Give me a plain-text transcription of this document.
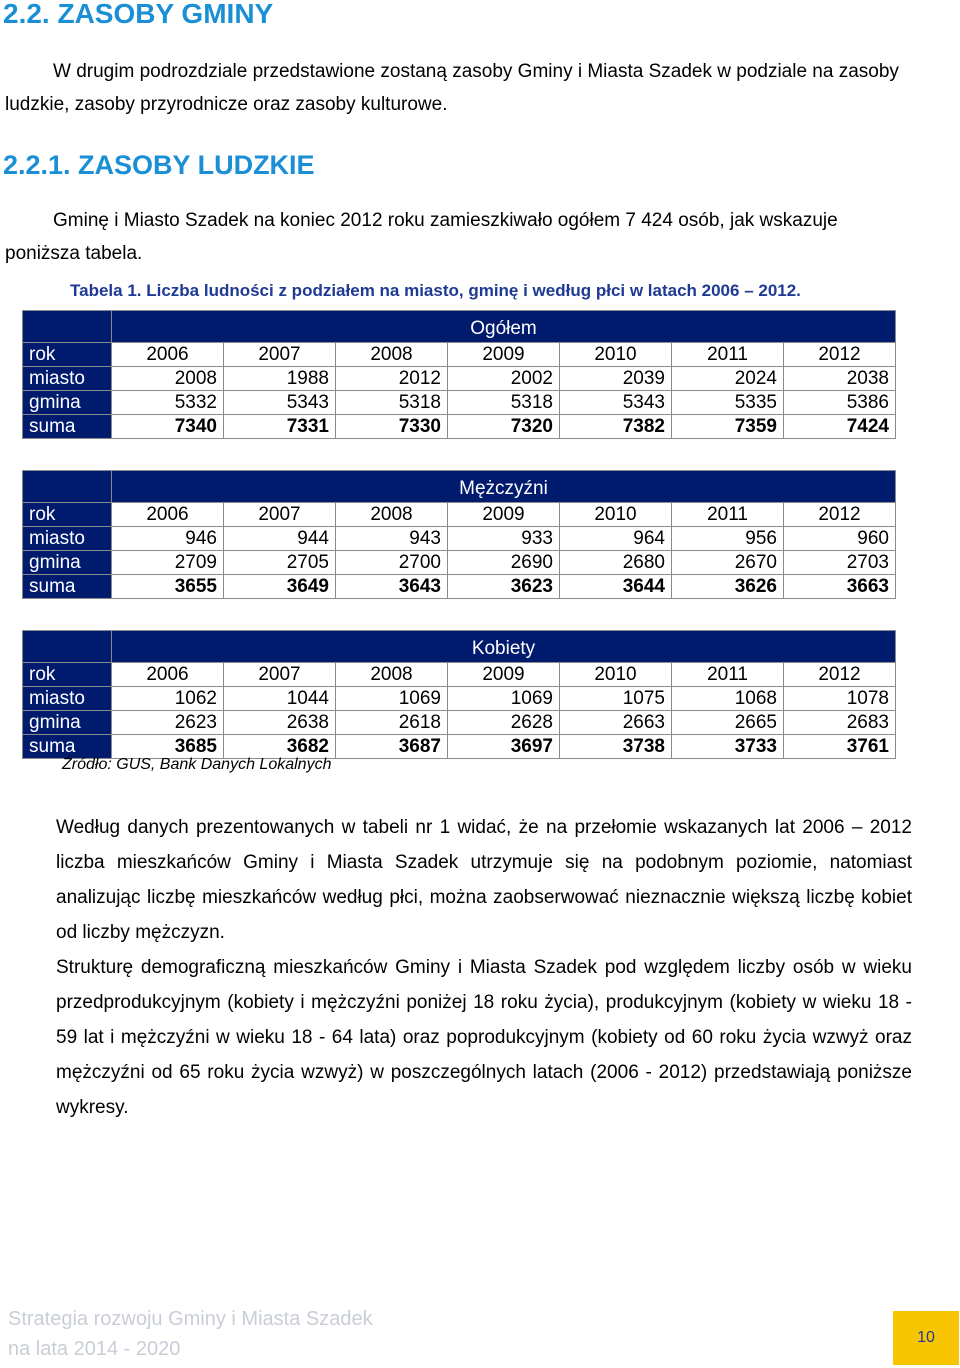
2.2. ZASOBY GMINY

W drugim podrozdziale przedstawione zostaną zasoby Gminy i Miasta Szadek w podziale na zasoby ludzkie, zasoby przyrodnicze oraz zasoby kulturowe.

2.2.1. ZASOBY LUDZKIE

Gminę i Miasto Szadek na koniec 2012 roku zamieszkiwało ogółem 7 424 osób, jak wskazuje poniższa tabela.

Tabela 1. Liczba ludności z podziałem na miasto, gminę i według płci w latach 2006 – 2012.
	Ogółem						
rok	2006	2007	2008	2009	2010	2011	2012
miasto	2008	1988	2012	2002	2039	2024	2038
gmina	5332	5343	5318	5318	5343	5335	5386
suma	7340	7331	7330	7320	7382	7359	7424
	Mężczyźni						
rok	2006	2007	2008	2009	2010	2011	2012
miasto	946	944	943	933	964	956	960
gmina	2709	2705	2700	2690	2680	2670	2703
suma	3655	3649	3643	3623	3644	3626	3663
	Kobiety						
rok	2006	2007	2008	2009	2010	2011	2012
miasto	1062	1044	1069	1069	1075	1068	1078
gmina	2623	2638	2618	2628	2663	2665	2683
suma	3685	3682	3687	3697	3738	3733	3761
Źródło: GUS, Bank Danych Lokalnych

Według danych prezentowanych w tabeli nr 1 widać, że na przełomie wskazanych lat 2006 – 2012 liczba mieszkańców Gminy i Miasta Szadek utrzymuje się na podobnym poziomie, natomiast analizując liczbę mieszkańców według płci, można zaobserwować nieznacznie większą liczbę kobiet od liczby mężczyzn.

Strukturę demograficzną mieszkańców Gminy i Miasta Szadek pod względem liczby osób w wieku przedprodukcyjnym (kobiety i mężczyźni poniżej 18 roku życia), produkcyjnym (kobiety w wieku 18 - 59 lat i mężczyźni w wieku 18 - 64 lata) oraz poprodukcyjnym (kobiety od 60 roku życia wzwyż oraz mężczyźni od 65 roku życia wzwyż) w poszczególnych latach (2006 - 2012) przedstawiają poniższe wykresy.

Strategia rozwoju Gminy i Miasta Szadek
na lata 2014 - 2020
10
